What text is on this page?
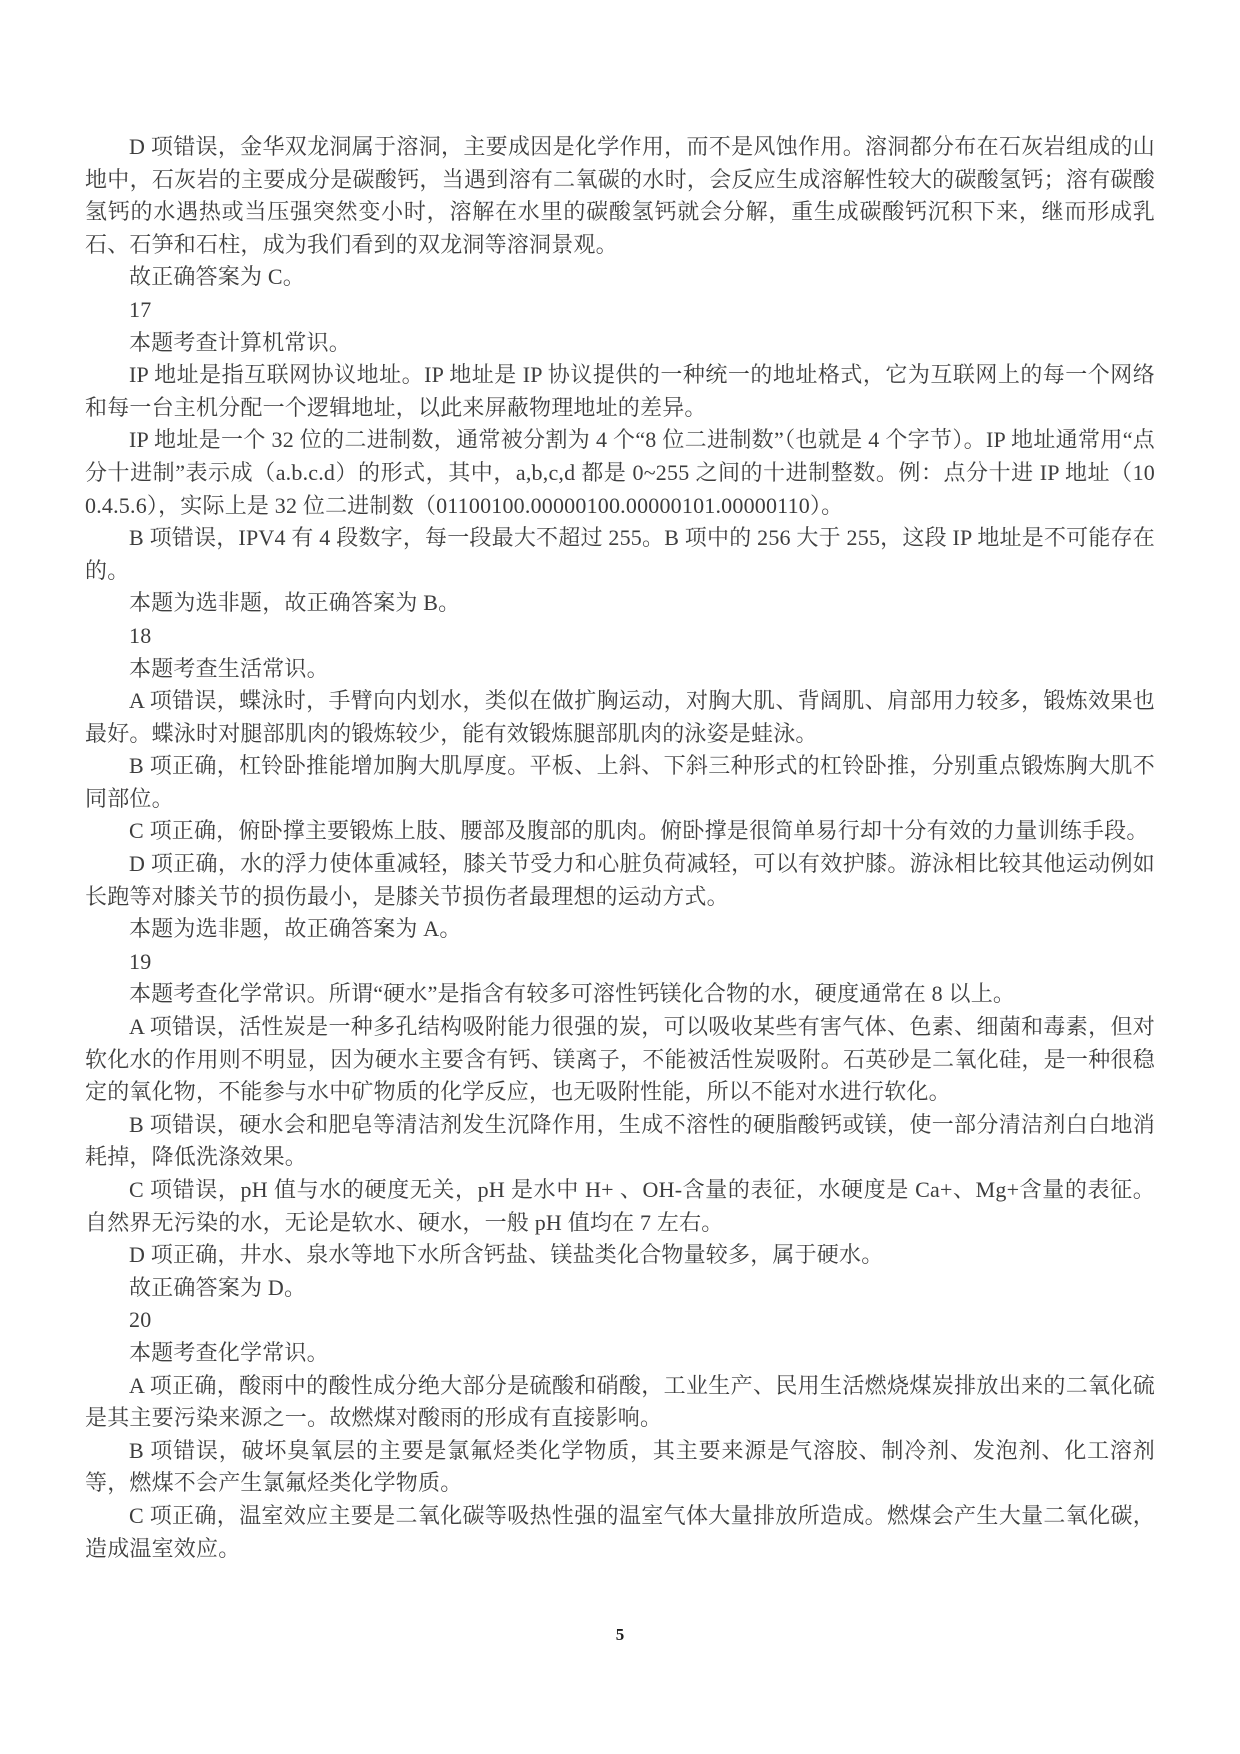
D 项错误，金华双龙洞属于溶洞，主要成因是化学作用，而不是风蚀作用。溶洞都分布在石灰岩组成的山地中，石灰岩的主要成分是碳酸钙，当遇到溶有二氧碳的水时，会反应生成溶解性较大的碳酸氢钙；溶有碳酸氢钙的水遇热或当压强突然变小时，溶解在水里的碳酸氢钙就会分解，重生成碳酸钙沉积下来，继而形成乳石、石笋和石柱，成为我们看到的双龙洞等溶洞景观。

故正确答案为 C。

17

本题考查计算机常识。

IP 地址是指互联网协议地址。IP 地址是 IP 协议提供的一种统一的地址格式，它为互联网上的每一个网络和每一台主机分配一个逻辑地址，以此来屏蔽物理地址的差异。

IP 地址是一个 32 位的二进制数，通常被分割为 4 个“8 位二进制数”（也就是 4 个字节）。IP 地址通常用“点分十进制”表示成（a.b.c.d）的形式，其中，a,b,c,d 都是 0~255 之间的十进制整数。例：点分十进 IP 地址（100.4.5.6），实际上是 32 位二进制数（01100100.00000100.00000101.00000110）。

B 项错误，IPV4 有 4 段数字，每一段最大不超过 255。B 项中的 256 大于 255，这段 IP 地址是不可能存在的。

本题为选非题，故正确答案为 B。

18

本题考查生活常识。

A 项错误，蝶泳时，手臂向内划水，类似在做扩胸运动，对胸大肌、背阔肌、肩部用力较多，锻炼效果也最好。蝶泳时对腿部肌肉的锻炼较少，能有效锻炼腿部肌肉的泳姿是蛙泳。

B 项正确，杠铃卧推能增加胸大肌厚度。平板、上斜、下斜三种形式的杠铃卧推，分别重点锻炼胸大肌不同部位。

C 项正确，俯卧撑主要锻炼上肢、腰部及腹部的肌肉。俯卧撑是很简单易行却十分有效的力量训练手段。

D 项正确，水的浮力使体重减轻，膝关节受力和心脏负荷减轻，可以有效护膝。游泳相比较其他运动例如长跑等对膝关节的损伤最小，是膝关节损伤者最理想的运动方式。

本题为选非题，故正确答案为 A。

19

本题考查化学常识。所谓“硬水”是指含有较多可溶性钙镁化合物的水，硬度通常在 8 以上。

A 项错误，活性炭是一种多孔结构吸附能力很强的炭，可以吸收某些有害气体、色素、细菌和毒素，但对软化水的作用则不明显，因为硬水主要含有钙、镁离子，不能被活性炭吸附。石英砂是二氧化硅，是一种很稳定的氧化物，不能参与水中矿物质的化学反应，也无吸附性能，所以不能对水进行软化。

B 项错误，硬水会和肥皂等清洁剂发生沉降作用，生成不溶性的硬脂酸钙或镁，使一部分清洁剂白白地消耗掉，降低洗涤效果。

C 项错误，pH 值与水的硬度无关，pH 是水中 H+ 、OH-含量的表征，水硬度是 Ca+、Mg+含量的表征。自然界无污染的水，无论是软水、硬水，一般 pH 值均在 7 左右。

D 项正确，井水、泉水等地下水所含钙盐、镁盐类化合物量较多，属于硬水。

故正确答案为 D。

20

本题考查化学常识。

A 项正确，酸雨中的酸性成分绝大部分是硫酸和硝酸，工业生产、民用生活燃烧煤炭排放出来的二氧化硫是其主要污染来源之一。故燃煤对酸雨的形成有直接影响。

B 项错误，破坏臭氧层的主要是氯氟烃类化学物质，其主要来源是气溶胶、制冷剂、发泡剂、化工溶剂等，燃煤不会产生氯氟烃类化学物质。

C 项正确，温室效应主要是二氧化碳等吸热性强的温室气体大量排放所造成。燃煤会产生大量二氧化碳，造成温室效应。

5
